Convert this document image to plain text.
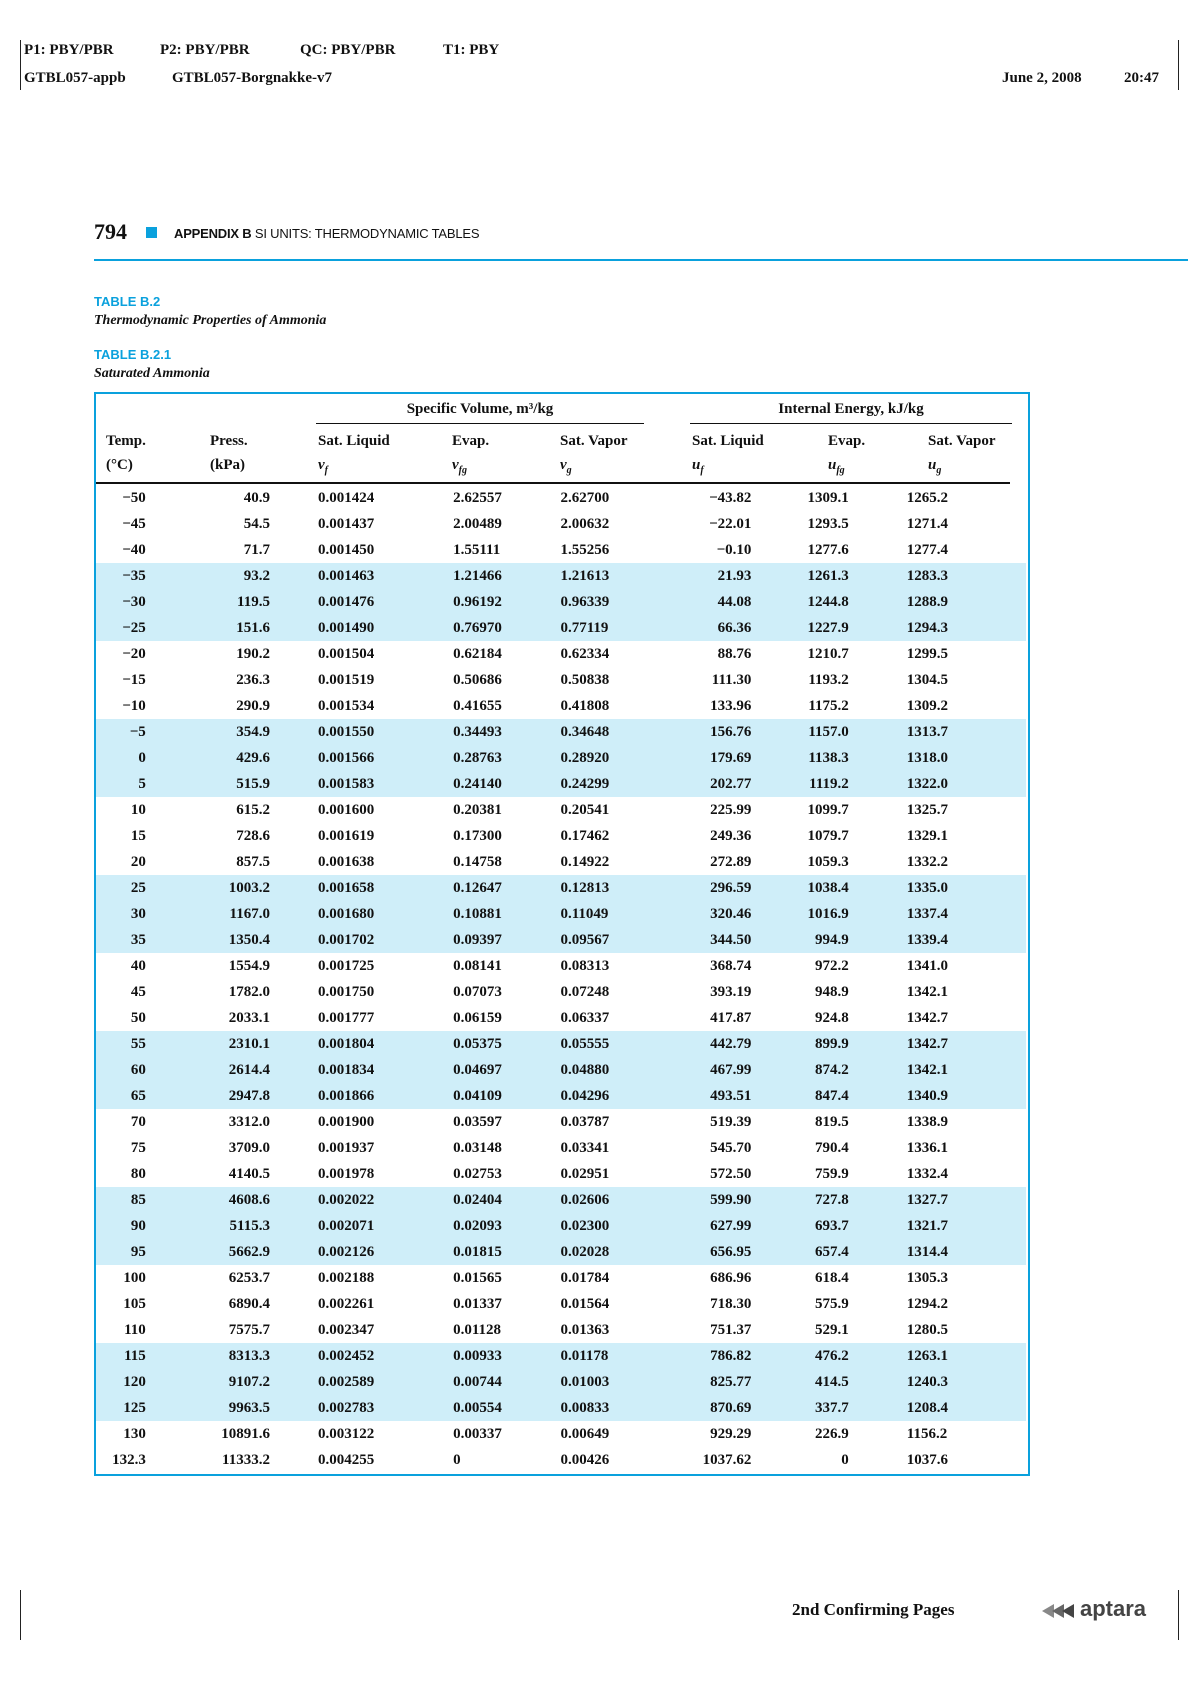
P1: PBY/PBR	P2: PBY/PBR	QC: PBY/PBR	T1: PBY
GTBL057-appb	GTBL057-Borgnakke-v7	June 2, 2008	20:47
794	APPENDIX B SI UNITS: THERMODYNAMIC TABLES
TABLE B.2
Thermodynamic Properties of Ammonia
TABLE B.2.1
Saturated Ammonia
Specific Volume, m³/kg	Internal Energy, kJ/kg
Temp.	Press.	Sat. Liquid	Evap.	Sat. Vapor	Sat. Liquid	Evap.	Sat. Vapor
(°C)	(kPa)	$v_f$	$v_{fg}$	$v_g$	$u_f$	$u_{fg}$	$u_g$
−50	40.9	0.001424	2.62557	2.62700	−43.82	1309.1	1265.2
−45	54.5	0.001437	2.00489	2.00632	−22.01	1293.5	1271.4
−40	71.7	0.001450	1.55111	1.55256	−0.10	1277.6	1277.4
−35	93.2	0.001463	1.21466	1.21613	21.93	1261.3	1283.3
−30	119.5	0.001476	0.96192	0.96339	44.08	1244.8	1288.9
−25	151.6	0.001490	0.76970	0.77119	66.36	1227.9	1294.3
−20	190.2	0.001504	0.62184	0.62334	88.76	1210.7	1299.5
−15	236.3	0.001519	0.50686	0.50838	111.30	1193.2	1304.5
−10	290.9	0.001534	0.41655	0.41808	133.96	1175.2	1309.2
−5	354.9	0.001550	0.34493	0.34648	156.76	1157.0	1313.7
0	429.6	0.001566	0.28763	0.28920	179.69	1138.3	1318.0
5	515.9	0.001583	0.24140	0.24299	202.77	1119.2	1322.0
10	615.2	0.001600	0.20381	0.20541	225.99	1099.7	1325.7
15	728.6	0.001619	0.17300	0.17462	249.36	1079.7	1329.1
20	857.5	0.001638	0.14758	0.14922	272.89	1059.3	1332.2
25	1003.2	0.001658	0.12647	0.12813	296.59	1038.4	1335.0
30	1167.0	0.001680	0.10881	0.11049	320.46	1016.9	1337.4
35	1350.4	0.001702	0.09397	0.09567	344.50	994.9	1339.4
40	1554.9	0.001725	0.08141	0.08313	368.74	972.2	1341.0
45	1782.0	0.001750	0.07073	0.07248	393.19	948.9	1342.1
50	2033.1	0.001777	0.06159	0.06337	417.87	924.8	1342.7
55	2310.1	0.001804	0.05375	0.05555	442.79	899.9	1342.7
60	2614.4	0.001834	0.04697	0.04880	467.99	874.2	1342.1
65	2947.8	0.001866	0.04109	0.04296	493.51	847.4	1340.9
70	3312.0	0.001900	0.03597	0.03787	519.39	819.5	1338.9
75	3709.0	0.001937	0.03148	0.03341	545.70	790.4	1336.1
80	4140.5	0.001978	0.02753	0.02951	572.50	759.9	1332.4
85	4608.6	0.002022	0.02404	0.02606	599.90	727.8	1327.7
90	5115.3	0.002071	0.02093	0.02300	627.99	693.7	1321.7
95	5662.9	0.002126	0.01815	0.02028	656.95	657.4	1314.4
100	6253.7	0.002188	0.01565	0.01784	686.96	618.4	1305.3
105	6890.4	0.002261	0.01337	0.01564	718.30	575.9	1294.2
110	7575.7	0.002347	0.01128	0.01363	751.37	529.1	1280.5
115	8313.3	0.002452	0.00933	0.01178	786.82	476.2	1263.1
120	9107.2	0.002589	0.00744	0.01003	825.77	414.5	1240.3
125	9963.5	0.002783	0.00554	0.00833	870.69	337.7	1208.4
130	10891.6	0.003122	0.00337	0.00649	929.29	226.9	1156.2
132.3	11333.2	0.004255	0	0.00426	1037.62	0	1037.6
2nd Confirming Pages	aptara
